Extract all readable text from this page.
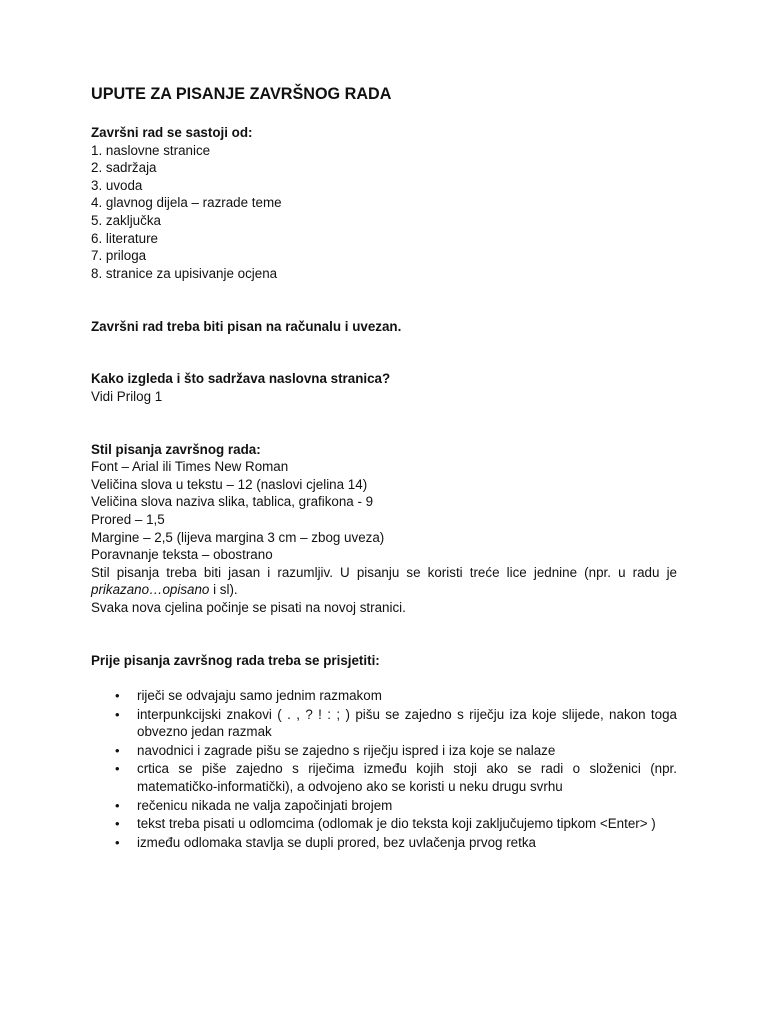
UPUTE ZA PISANJE ZAVRŠNOG RADA

Završni rad se sastoji od:

1. naslovne stranice

2. sadržaja

3. uvoda

4. glavnog dijela – razrade teme

5. zaključka

6. literature

7. priloga

8. stranice za upisivanje ocjena

Završni rad treba biti pisan na računalu i uvezan.

Kako izgleda i što sadržava naslovna stranica?

Vidi Prilog 1

Stil pisanja završnog rada:

Font – Arial ili Times New Roman

Veličina slova u tekstu – 12 (naslovi cjelina 14)

Veličina slova naziva slika, tablica, grafikona - 9

Prored – 1,5

Margine – 2,5 (lijeva margina 3 cm – zbog uveza)

Poravnanje teksta – obostrano

Stil pisanja treba biti jasan i razumljiv. U pisanju se koristi treće lice jednine (npr. u radu je prikazano…opisano i sl).

Svaka nova cjelina počinje se pisati na novoj stranici.

Prije pisanja završnog rada treba se prisjetiti:

• riječi se odvajaju samo jednim razmakom
• interpunkcijski znakovi ( . , ? ! : ; ) pišu se zajedno s riječju iza koje slijede, nakon toga obvezno jedan razmak
• navodnici i zagrade pišu se zajedno s riječju ispred i iza koje se nalaze
• crtica se piše zajedno s riječima između kojih stoji ako se radi o složenici (npr. matematičko-informatički), a odvojeno ako se koristi u neku drugu svrhu
• rečenicu nikada ne valja započinjati brojem
• tekst treba pisati u odlomcima (odlomak je dio teksta koji zaključujemo tipkom <Enter> )
• između odlomaka stavlja se dupli prored, bez uvlačenja prvog retka
